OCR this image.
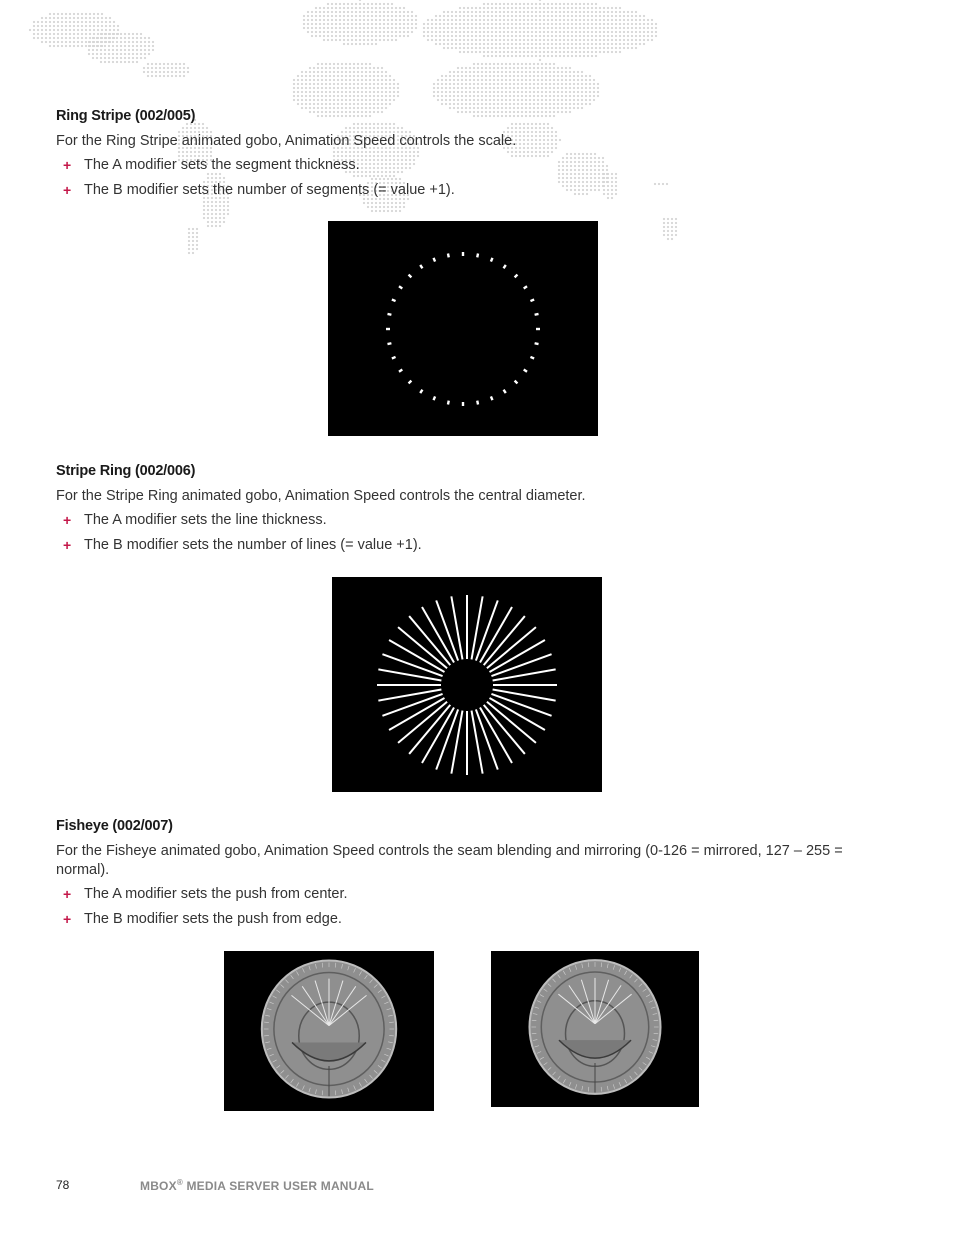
Ring Stripe (002/005)

For the Ring Stripe animated gobo, Animation Speed controls the scale.

+ The A modifier sets the segment thickness.
+ The B modifier sets the number of segments (= value +1).
Stripe Ring (002/006)

For the Stripe Ring animated gobo, Animation Speed controls the central diameter.

+ The A modifier sets the line thickness.
+ The B modifier sets the number of lines (= value +1).
Fisheye (002/007)

For the Fisheye animated gobo, Animation Speed controls the seam blending and mirroring (0-126 = mirrored, 127 – 255 = normal).

+ The A modifier sets the push from center.
+ The B modifier sets the push from edge.
78	MBOX® MEDIA SERVER USER MANUAL
